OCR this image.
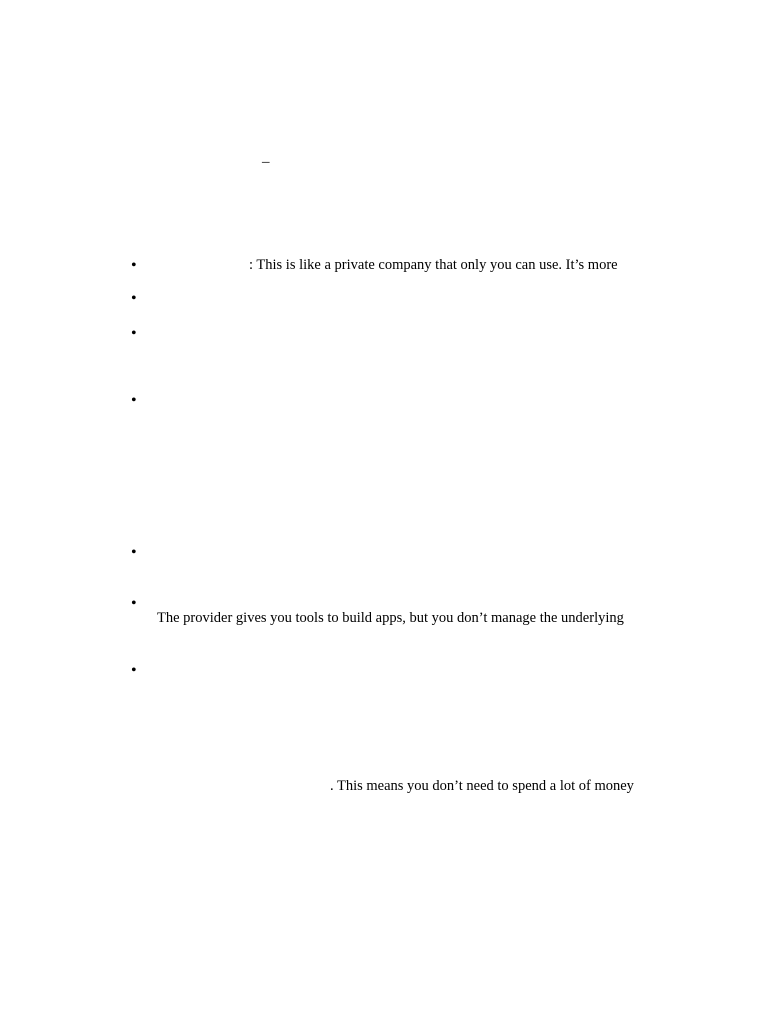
–
•	: This is like a private company that only you can use. It’s more
•
•
•
•
•
The provider gives you tools to build apps, but you don’t manage the underlying
•
. This means you don’t need to spend a lot of money
